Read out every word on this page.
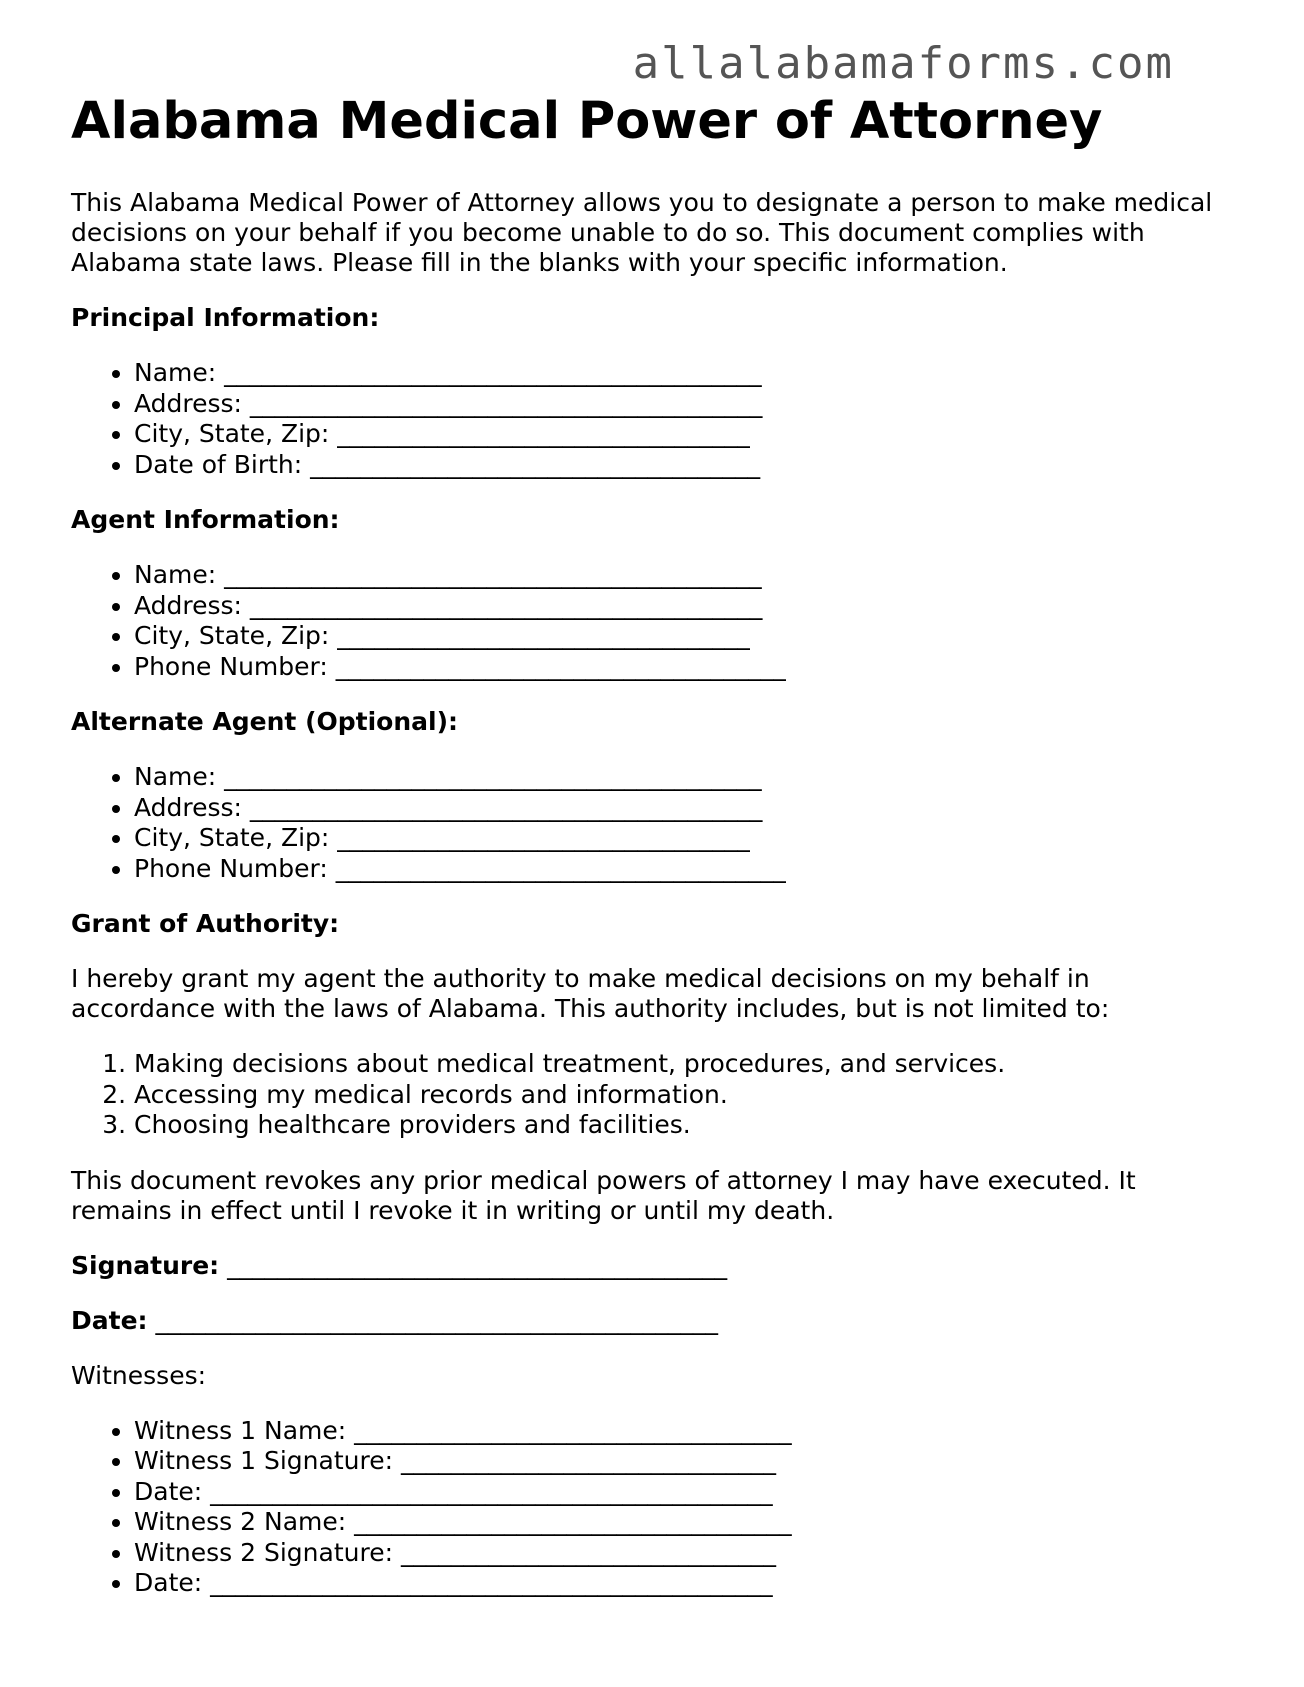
allalabamaforms.com
Alabama Medical Power of Attorney

This Alabama Medical Power of Attorney allows you to designate a person to make medical decisions on your behalf if you become unable to do so. This document complies with Alabama state laws. Please fill in the blanks with your specific information.

Principal Information:

• Name: ___________________________________________
• Address: _________________________________________
• City, State, Zip: _________________________________
• Date of Birth: ____________________________________

Agent Information:

• Name: ___________________________________________
• Address: _________________________________________
• City, State, Zip: _________________________________
• Phone Number: ____________________________________

Alternate Agent (Optional):

• Name: ___________________________________________
• Address: _________________________________________
• City, State, Zip: _________________________________
• Phone Number: ____________________________________

Grant of Authority:

I hereby grant my agent the authority to make medical decisions on my behalf in accordance with the laws of Alabama. This authority includes, but is not limited to:

1. Making decisions about medical treatment, procedures, and services.
2. Accessing my medical records and information.
3. Choosing healthcare providers and facilities.

This document revokes any prior medical powers of attorney I may have executed. It remains in effect until I revoke it in writing or until my death.

Signature: ________________________________________

Date: _____________________________________________

Witnesses:

• Witness 1 Name: ___________________________________
• Witness 1 Signature: ______________________________
• Date: _____________________________________________
• Witness 2 Name: ___________________________________
• Witness 2 Signature: ______________________________
• Date: _____________________________________________
